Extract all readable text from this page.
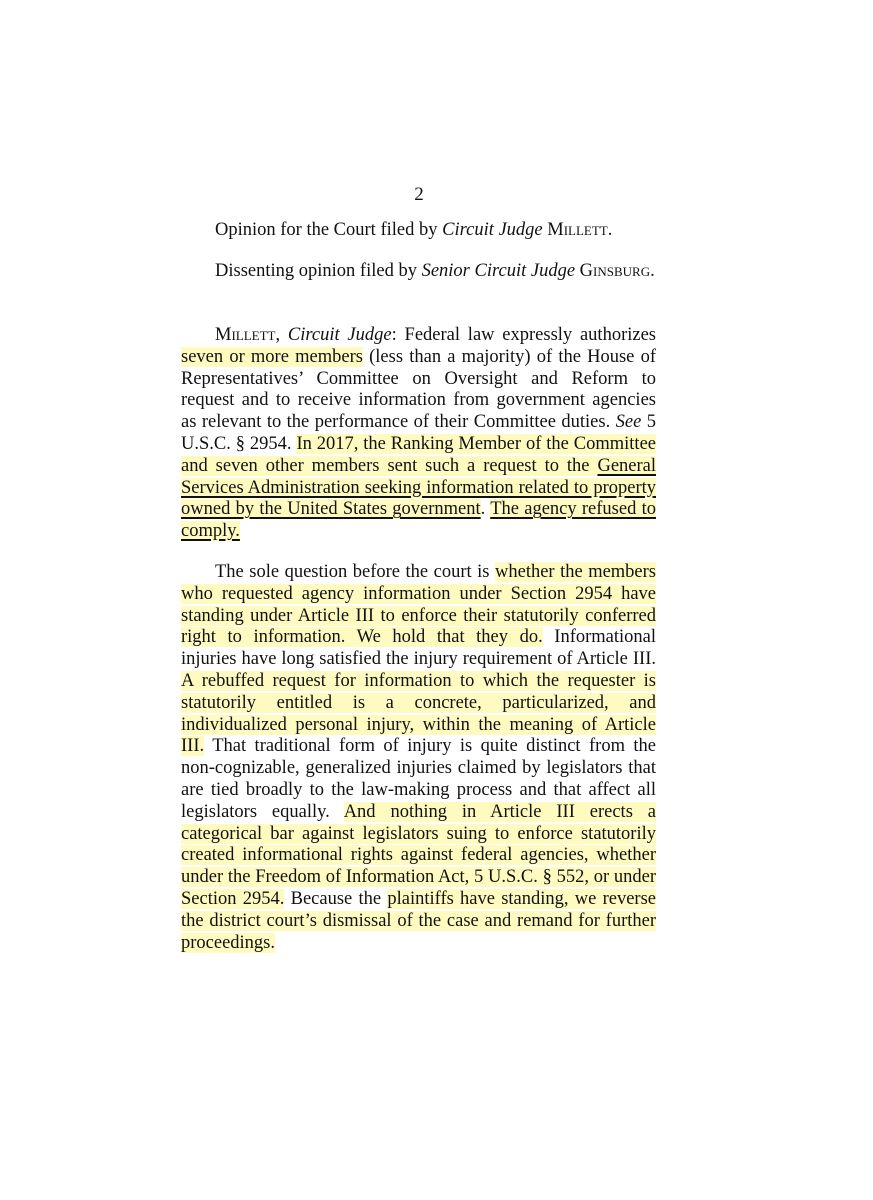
2

Opinion for the Court filed by Circuit Judge Millett.

Dissenting opinion filed by Senior Circuit Judge Ginsburg.

Millett, Circuit Judge: Federal law expressly authorizes seven or more members (less than a majority) of the House of Representatives’ Committee on Oversight and Reform to request and to receive information from government agencies as relevant to the performance of their Committee duties. See 5 U.S.C. § 2954. In 2017, the Ranking Member of the Committee and seven other members sent such a request to the General Services Administration seeking information related to property owned by the United States government. The agency refused to comply.

The sole question before the court is whether the members who requested agency information under Section 2954 have standing under Article III to enforce their statutorily conferred right to information. We hold that they do. Informational injuries have long satisfied the injury requirement of Article III. A rebuffed request for information to which the requester is statutorily entitled is a concrete, particularized, and individualized personal injury, within the meaning of Article III. That traditional form of injury is quite distinct from the non-cognizable, generalized injuries claimed by legislators that are tied broadly to the law-making process and that affect all legislators equally. And nothing in Article III erects a categorical bar against legislators suing to enforce statutorily created informational rights against federal agencies, whether under the Freedom of Information Act, 5 U.S.C. § 552, or under Section 2954. Because the plaintiffs have standing, we reverse the district court’s dismissal of the case and remand for further proceedings.
